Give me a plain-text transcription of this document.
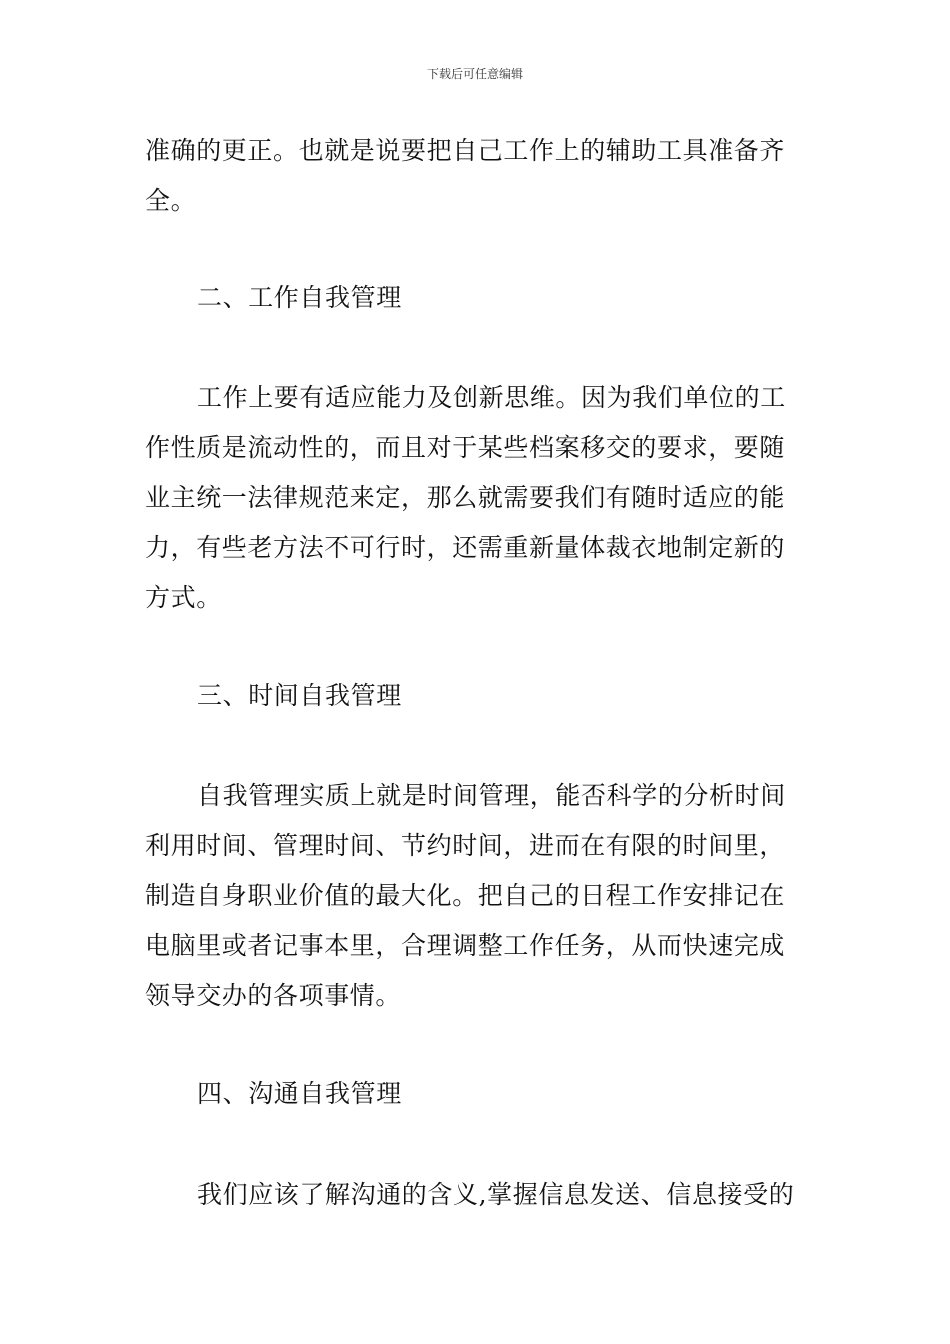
下载后可任意编辑
准确的更正。也就是说要把自己工作上的辅助工具准备齐
全。
二、工作自我管理
工作上要有适应能力及创新思维。因为我们单位的工
作性质是流动性的，而且对于某些档案移交的要求，要随
业主统一法律规范来定，那么就需要我们有随时适应的能
力，有些老方法不可行时，还需重新量体裁衣地制定新的
方式。
三、时间自我管理
自我管理实质上就是时间管理，能否科学的分析时间
利用时间、管理时间、节约时间，进而在有限的时间里，
制造自身职业价值的最大化。把自己的日程工作安排记在
电脑里或者记事本里，合理调整工作任务，从而快速完成
领导交办的各项事情。
四、沟通自我管理
我们应该了解沟通的含义,掌握信息发送、信息接受的
